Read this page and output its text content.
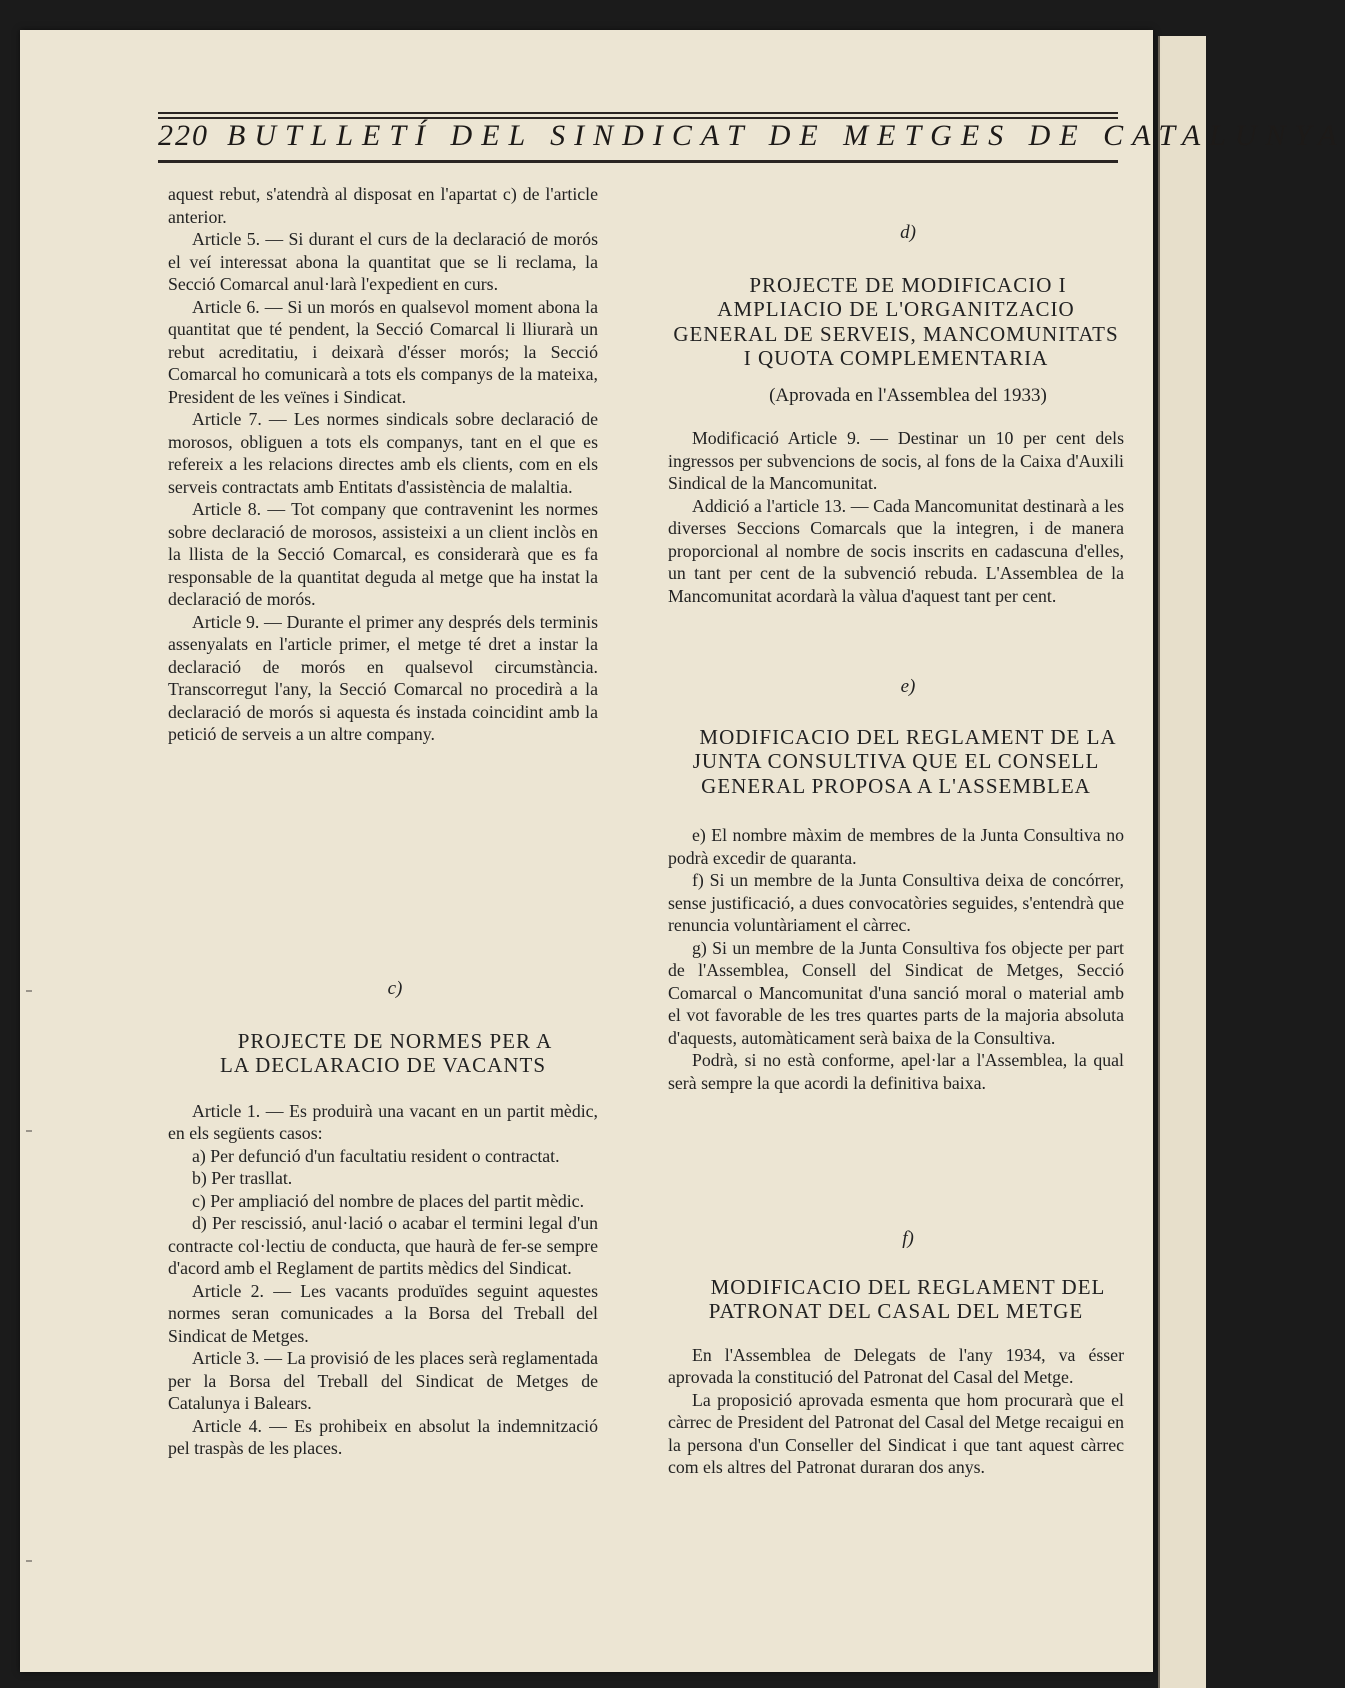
220 BUTLLETÍ DEL SINDICAT DE METGES DE CATALUNYA

aquest rebut, s'atendrà al disposat en l'apartat c) de l'article anterior.

Article 5. — Si durant el curs de la declaració de morós el veí interessat abona la quantitat que se li reclama, la Secció Comarcal anul·larà l'expedient en curs.

Article 6. — Si un morós en qualsevol moment abona la quantitat que té pendent, la Secció Comarcal li lliurarà un rebut acreditatiu, i deixarà d'ésser morós; la Secció Comarcal ho comunicarà a tots els companys de la mateixa, President de les veïnes i Sindicat.

Article 7. — Les normes sindicals sobre declaració de morosos, obliguen a tots els companys, tant en el que es refereix a les relacions directes amb els clients, com en els serveis contractats amb Entitats d'assistència de malaltia.

Article 8. — Tot company que contravenint les normes sobre declaració de morosos, assisteixi a un client inclòs en la llista de la Secció Comarcal, es considerarà que es fa responsable de la quantitat deguda al metge que ha instat la declaració de morós.

Article 9. — Durante el primer any després dels terminis assenyalats en l'article primer, el metge té dret a instar la declaració de morós en qualsevol circumstància. Transcorregut l'any, la Secció Comarcal no procedirà a la declaració de morós si aquesta és instada coincidint amb la petició de serveis a un altre company.

c)

PROJECTE DE NORMES PER A LA DECLARACIO DE VACANTS

Article 1. — Es produirà una vacant en un partit mèdic, en els següents casos:

a) Per defunció d'un facultatiu resident o contractat.

b) Per trasllat.

c) Per ampliació del nombre de places del partit mèdic.

d) Per rescissió, anul·lació o acabar el termini legal d'un contracte col·lectiu de conducta, que haurà de fer-se sempre d'acord amb el Reglament de partits mèdics del Sindicat.

Article 2. — Les vacants produïdes seguint aquestes normes seran comunicades a la Borsa del Treball del Sindicat de Metges.

Article 3. — La provisió de les places serà reglamentada per la Borsa del Treball del Sindicat de Metges de Catalunya i Balears.

Article 4. — Es prohibeix en absolut la indemnització pel traspàs de les places.

d)

PROJECTE DE MODIFICACIO I AMPLIACIO DE L'ORGANITZACIO GENERAL DE SERVEIS, MANCOMUNITATS I QUOTA COMPLEMENTARIA

(Aprovada en l'Assemblea del 1933)

Modificació Article 9. — Destinar un 10 per cent dels ingressos per subvencions de socis, al fons de la Caixa d'Auxili Sindical de la Mancomunitat.

Addició a l'article 13. — Cada Mancomunitat destinarà a les diverses Seccions Comarcals que la integren, i de manera proporcional al nombre de socis inscrits en cadascuna d'elles, un tant per cent de la subvenció rebuda. L'Assemblea de la Mancomunitat acordarà la vàlua d'aquest tant per cent.

e)

MODIFICACIO DEL REGLAMENT DE LA JUNTA CONSULTIVA QUE EL CONSELL GENERAL PROPOSA A L'ASSEMBLEA

e) El nombre màxim de membres de la Junta Consultiva no podrà excedir de quaranta.

f) Si un membre de la Junta Consultiva deixa de concórrer, sense justificació, a dues convocatòries seguides, s'entendrà que renuncia voluntàriament el càrrec.

g) Si un membre de la Junta Consultiva fos objecte per part de l'Assemblea, Consell del Sindicat de Metges, Secció Comarcal o Mancomunitat d'una sanció moral o material amb el vot favorable de les tres quartes parts de la majoria absoluta d'aquests, automàticament serà baixa de la Consultiva.

Podrà, si no està conforme, apel·lar a l'Assemblea, la qual serà sempre la que acordi la definitiva baixa.

f)

MODIFICACIO DEL REGLAMENT DEL PATRONAT DEL CASAL DEL METGE

En l'Assemblea de Delegats de l'any 1934, va ésser aprovada la constitució del Patronat del Casal del Metge.

La proposició aprovada esmenta que hom procurarà que el càrrec de President del Patronat del Casal del Metge recaigui en la persona d'un Conseller del Sindicat i que tant aquest càrrec com els altres del Patronat duraran dos anys.
